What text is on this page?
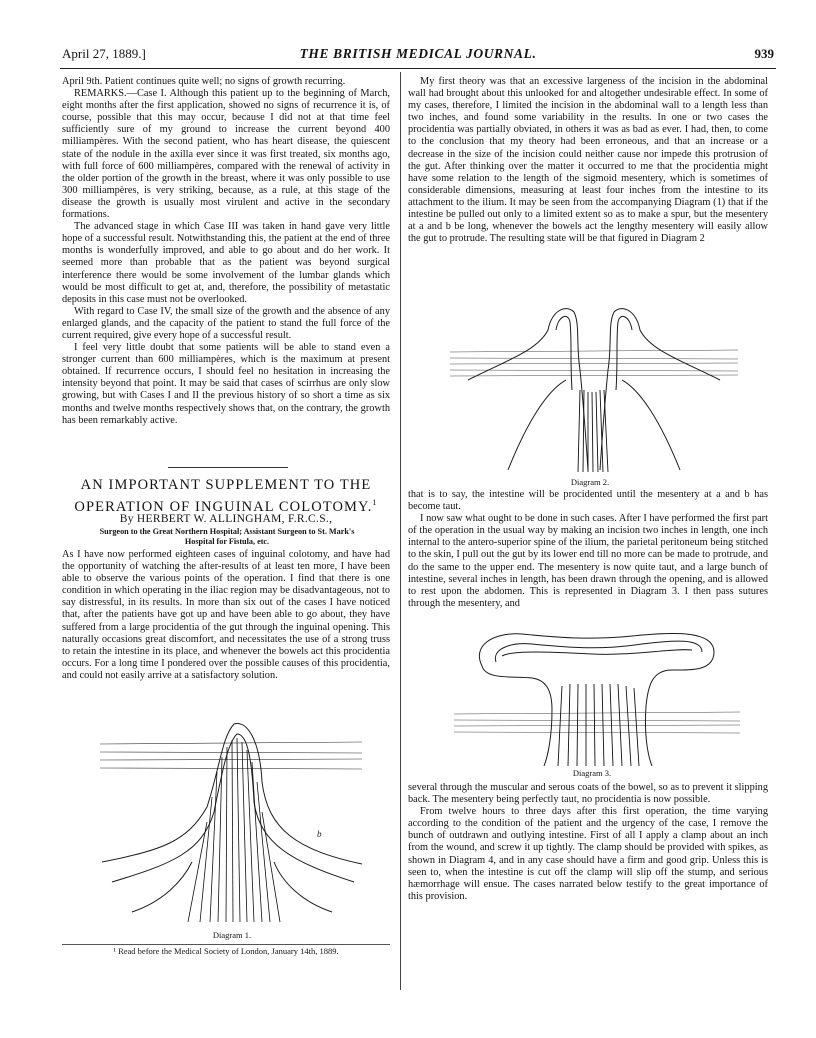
April 27, 1889.]	THE BRITISH MEDICAL JOURNAL.	939

April 9th. Patient continues quite well; no signs of growth recurring.

REMARKS.—Case I. Although this patient up to the beginning of March, eight months after the first application, showed no signs of recurrence it is, of course, possible that this may occur, because I did not at that time feel sufficiently sure of my ground to increase the current beyond 400 milliampères. With the second patient, who has heart disease, the quiescent state of the nodule in the axilla ever since it was first treated, six months ago, with full force of 600 milliampères, compared with the renewal of activity in the older portion of the growth in the breast, where it was only possible to use 300 milliampères, is very striking, because, as a rule, at this stage of the disease the growth is usually most virulent and active in the secondary formations.

The advanced stage in which Case III was taken in hand gave very little hope of a successful result. Notwithstanding this, the patient at the end of three months is wonderfully improved, and able to go about and do her work. It seemed more than probable that as the patient was beyond surgical interference there would be some involvement of the lumbar glands which would be most difficult to get at, and, therefore, the possibility of metastatic deposits in this case must not be overlooked.

With regard to Case IV, the small size of the growth and the absence of any enlarged glands, and the capacity of the patient to stand the full force of the current required, give every hope of a successful result.

I feel very little doubt that some patients will be able to stand even a stronger current than 600 milliampères, which is the maximum at present obtained. If recurrence occurs, I should feel no hesitation in increasing the intensity beyond that point. It may be said that cases of scirrhus are only slow growing, but with Cases I and II the previous history of so short a time as six months and twelve months respectively shows that, on the contrary, the growth has been remarkably active.

AN IMPORTANT SUPPLEMENT TO THE
OPERATION OF INGUINAL COLOTOMY.$^1$
By HERBERT W. ALLINGHAM, F.R.C.S.,
Surgeon to the Great Northern Hospital; Assistant Surgeon to St. Mark's
Hospital for Fistula, etc.

As I have now performed eighteen cases of inguinal colotomy, and have had the opportunity of watching the after-results of at least ten more, I have been able to observe the various points of the operation. I find that there is one condition in which operating in the iliac region may be disadvantageous, not to say distressful, in its results. In more than six out of the cases I have noticed that, after the patients have got up and have been able to go about, they have suffered from a large procidentia of the gut through the inguinal opening. This naturally occasions great discomfort, and necessitates the use of a strong truss to retain the intestine in its place, and whenever the bowels act this procidentia occurs. For a long time I pondered over the possible causes of this procidentia, and could not easily arrive at a satisfactory solution.

b
Diagram 1.
¹ Read before the Medical Society of London, January 14th, 1889.

My first theory was that an excessive largeness of the incision in the abdominal wall had brought about this unlooked for and altogether undesirable effect. In some of my cases, therefore, I limited the incision in the abdominal wall to a length less than two inches, and found some variability in the results. In one or two cases the procidentia was partially obviated, in others it was as bad as ever. I had, then, to come to the conclusion that my theory had been erroneous, and that an increase or a decrease in the size of the incision could neither cause nor impede this protrusion of the gut. After thinking over the matter it occurred to me that the procidentia might have some relation to the length of the sigmoid mesentery, which is sometimes of considerable dimensions, measuring at least four inches from the intestine to its attachment to the ilium. It may be seen from the accompanying Diagram (1) that if the intestine be pulled out only to a limited extent so as to make a spur, but the mesentery at a and b be long, whenever the bowels act the lengthy mesentery will easily allow the gut to protrude. The resulting state will be that figured in Diagram 2

Diagram 2.

that is to say, the intestine will be procidented until the mesentery at a and b has become taut.

I now saw what ought to be done in such cases. After I have performed the first part of the operation in the usual way by making an incision two inches in length, one inch internal to the antero-superior spine of the ilium, the parietal peritoneum being stitched to the skin, I pull out the gut by its lower end till no more can be made to protrude, and do the same to the upper end. The mesentery is now quite taut, and a large bunch of intestine, several inches in length, has been drawn through the opening, and is allowed to rest upon the abdomen. This is represented in Diagram 3. I then pass sutures through the mesentery, and

Diagram 3.

several through the muscular and serous coats of the bowel, so as to prevent it slipping back. The mesentery being perfectly taut, no procidentia is now possible.

From twelve hours to three days after this first operation, the time varying according to the condition of the patient and the urgency of the case, I remove the bunch of outdrawn and outlying intestine. First of all I apply a clamp about an inch from the wound, and screw it up tightly. The clamp should be provided with spikes, as shown in Diagram 4, and in any case should have a firm and good grip. Unless this is seen to, when the intestine is cut off the clamp will slip off the stump, and serious hæmorrhage will ensue. The cases narrated below testify to the great importance of this provision.
